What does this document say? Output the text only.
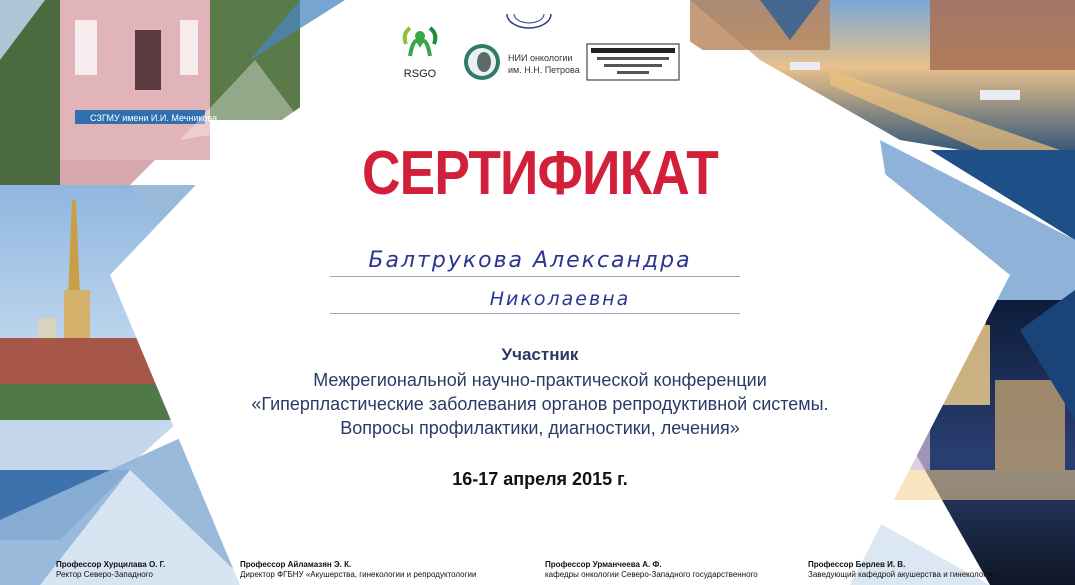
СЗГМУ имени И.И. Мечникова
RSGO
НИИ онкологии
им. Н.Н. Петрова
СЕРТИФИКАТ
Балтрукова Александра
Николаевна
Участник
Межрегиональной научно-практической конференции
«Гиперпластические заболевания органов репродуктивной системы.
Вопросы профилактики, диагностики, лечения»
16-17 апреля 2015 г.
Профессор Хурцилава О. Г.
Ректор Северо-Западного
Профессор Айламазян Э. К.
Директор ФГБНУ «Акушерства, гинекологии и репродуктологии
Профессор Урманчеева А. Ф.
кафедры онкологии Северо-Западного государственного
Профессор Берлев И. В.
Заведующий кафедрой акушерства и гинекологии
